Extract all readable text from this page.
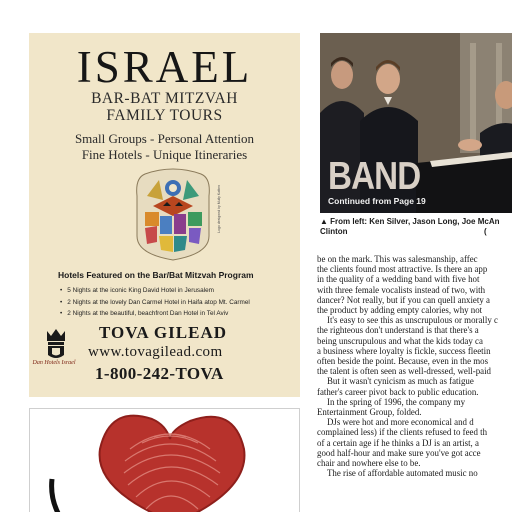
ISRAEL
BAR-BAT MITZVAH
FAMILY TOURS
Small Groups - Personal Attention
Fine Hotels - Unique Itineraries
Logo designed by Mully Katten
Hotels Featured on the Bar/Bat Mitzvah Program
• 5 Nights at the iconic King David Hotel in Jerusalem
• 2 Nights at the lovely Dan Carmel Hotel in Haifa atop Mt. Carmel
• 2 Nights at the beautiful, beachfront Dan Hotel in Tel Aviv
Dan Hotels Israel
TOVA GILEAD
www.tovagilead.com
1-800-242-TOVA
BAND
Continued from Page 19
▲ From left: Ken Silver, Jason Long, Joe McAn
Clinton	(

be on the mark. This was salesmanship, affec

the clients found most attractive. Is there an app

in the quality of a wedding band with five hot

with three female vocalists instead of two, with

dancer? Not really, but if you can quell anxiety a

the product by adding empty calories, why not

It's easy to see this as unscrupulous or morally c

the righteous don't understand is that there's a

being unscrupulous and what the kids today ca

a business where loyalty is fickle, success fleetin

often beside the point. Because, even in the mos

the talent is often seen as well-dressed, well-paid

But it wasn't cynicism as much as fatigue

father's career pivot back to public education.

In the spring of 1996, the company my

Entertainment Group, folded.

DJs were hot and more economical and d

complained less) if the clients refused to feed th

of a certain age if he thinks a DJ is an artist, a

good half-hour and make sure you've got acce

chair and nowhere else to be.

The rise of affordable automated music no
